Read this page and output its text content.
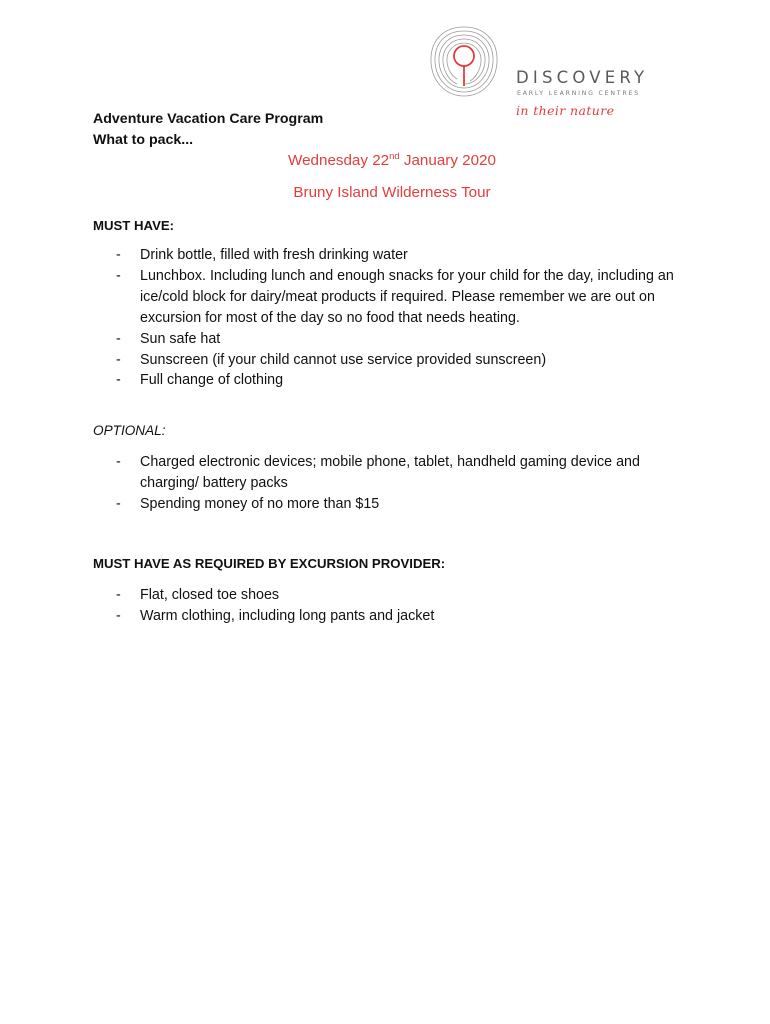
DISCOVERY
EARLY LEARNING CENTRES
in their nature
Adventure Vacation Care Program
What to pack...
Wednesday 22nd January 2020
Bruny Island Wilderness Tour
MUST HAVE:
- Drink bottle, filled with fresh drinking water
- Lunchbox. Including lunch and enough snacks for your child for the day, including an ice/cold block for dairy/meat products if required. Please remember we are out on excursion for most of the day so no food that needs heating.
- Sun safe hat
- Sunscreen (if your child cannot use service provided sunscreen)
- Full change of clothing
OPTIONAL:
- Charged electronic devices; mobile phone, tablet, handheld gaming device and charging/ battery packs
- Spending money of no more than $15
MUST HAVE AS REQUIRED BY EXCURSION PROVIDER:
- Flat, closed toe shoes
- Warm clothing, including long pants and jacket
